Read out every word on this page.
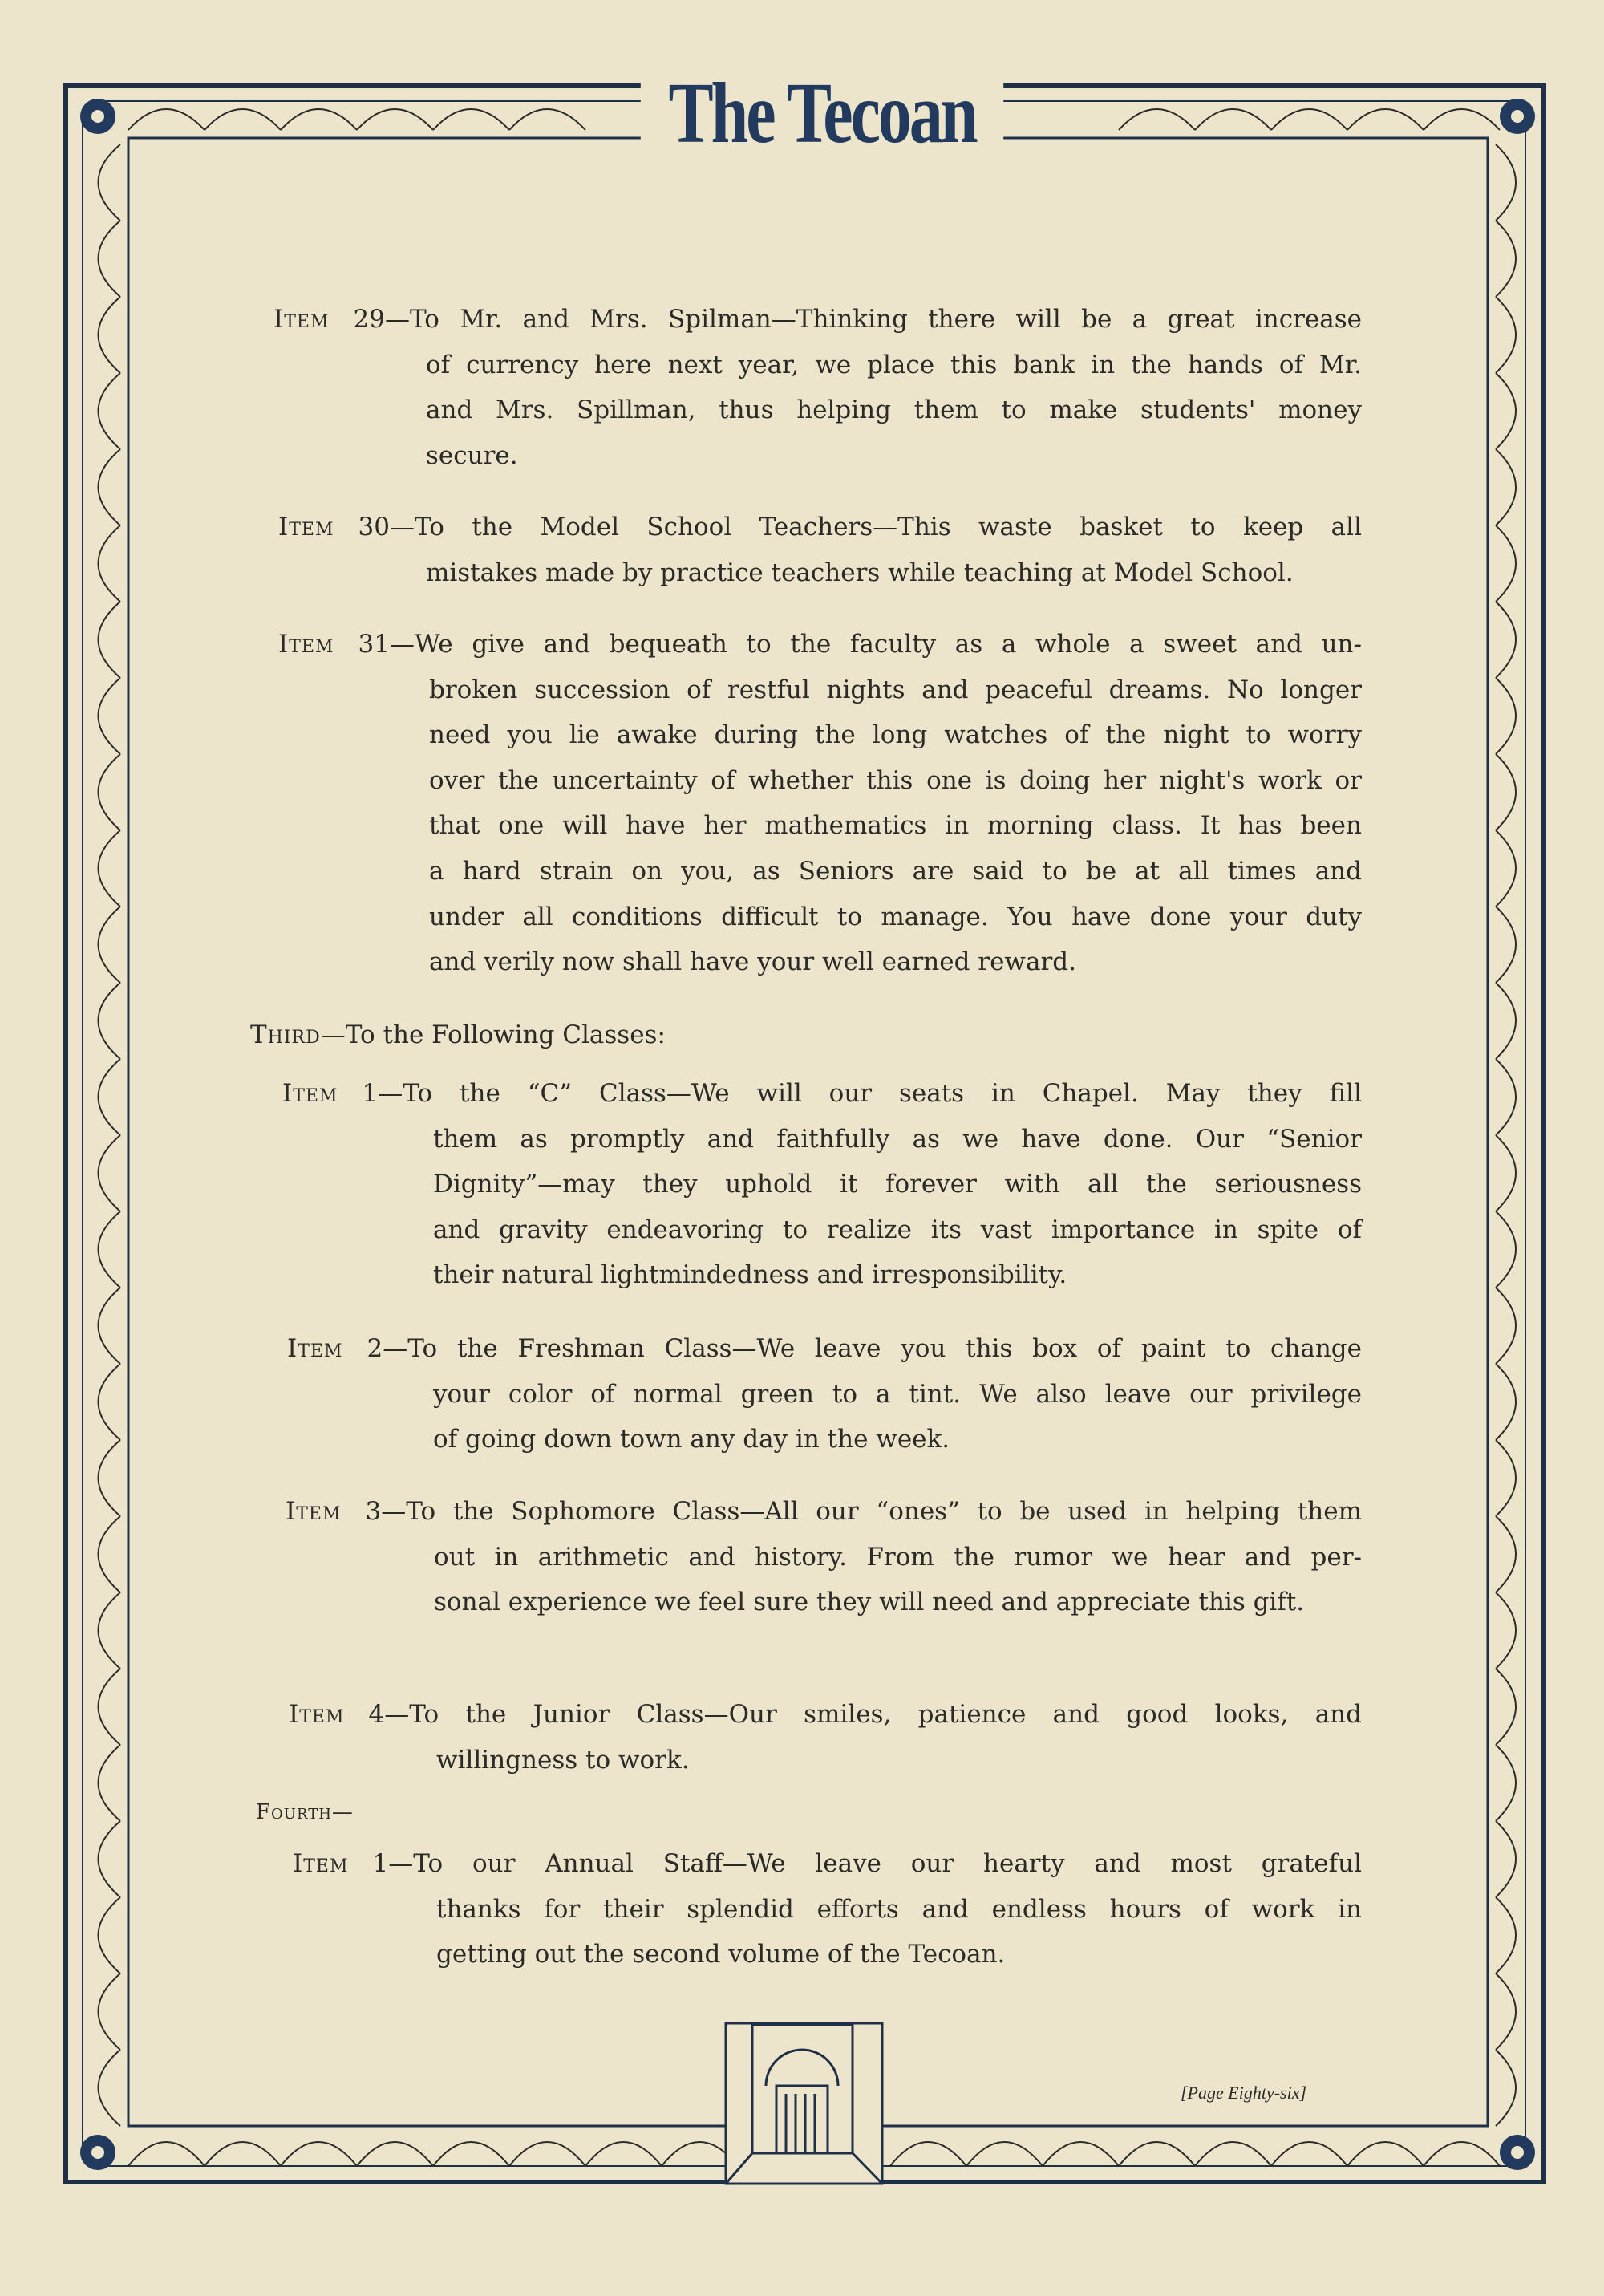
The Tecoan
Item 29—To Mr. and Mrs. Spilman—Thinking there will be a great increase
of currency here next year, we place this bank in the hands of Mr.
and Mrs. Spillman, thus helping them to make students' money
secure.
Item 30—To the Model School Teachers—This waste basket to keep all
mistakes made by practice teachers while teaching at Model School.
Item 31—We give and bequeath to the faculty as a whole a sweet and un-
broken succession of restful nights and peaceful dreams. No longer
need you lie awake during the long watches of the night to worry
over the uncertainty of whether this one is doing her night's work or
that one will have her mathematics in morning class. It has been
a hard strain on you, as Seniors are said to be at all times and
under all conditions difficult to manage. You have done your duty
and verily now shall have your well earned reward.
Item 1—To the “C” Class—We will our seats in Chapel. May they fill
them as promptly and faithfully as we have done. Our “Senior
Dignity”—may they uphold it forever with all the seriousness
and gravity endeavoring to realize its vast importance in spite of
their natural lightmindedness and irresponsibility.
Item 2—To the Freshman Class—We leave you this box of paint to change
your color of normal green to a tint. We also leave our privilege
of going down town any day in the week.
Item 3—To the Sophomore Class—All our “ones” to be used in helping them
out in arithmetic and history. From the rumor we hear and per-
sonal experience we feel sure they will need and appreciate this gift.
Item 4—To the Junior Class—Our smiles, patience and good looks, and
willingness to work.
Item 1—To our Annual Staff—We leave our hearty and most grateful
thanks for their splendid efforts and endless hours of work in
getting out the second volume of the Tecoan.
Third—To the Following Classes:
Fourth—
[Page Eighty-six]
